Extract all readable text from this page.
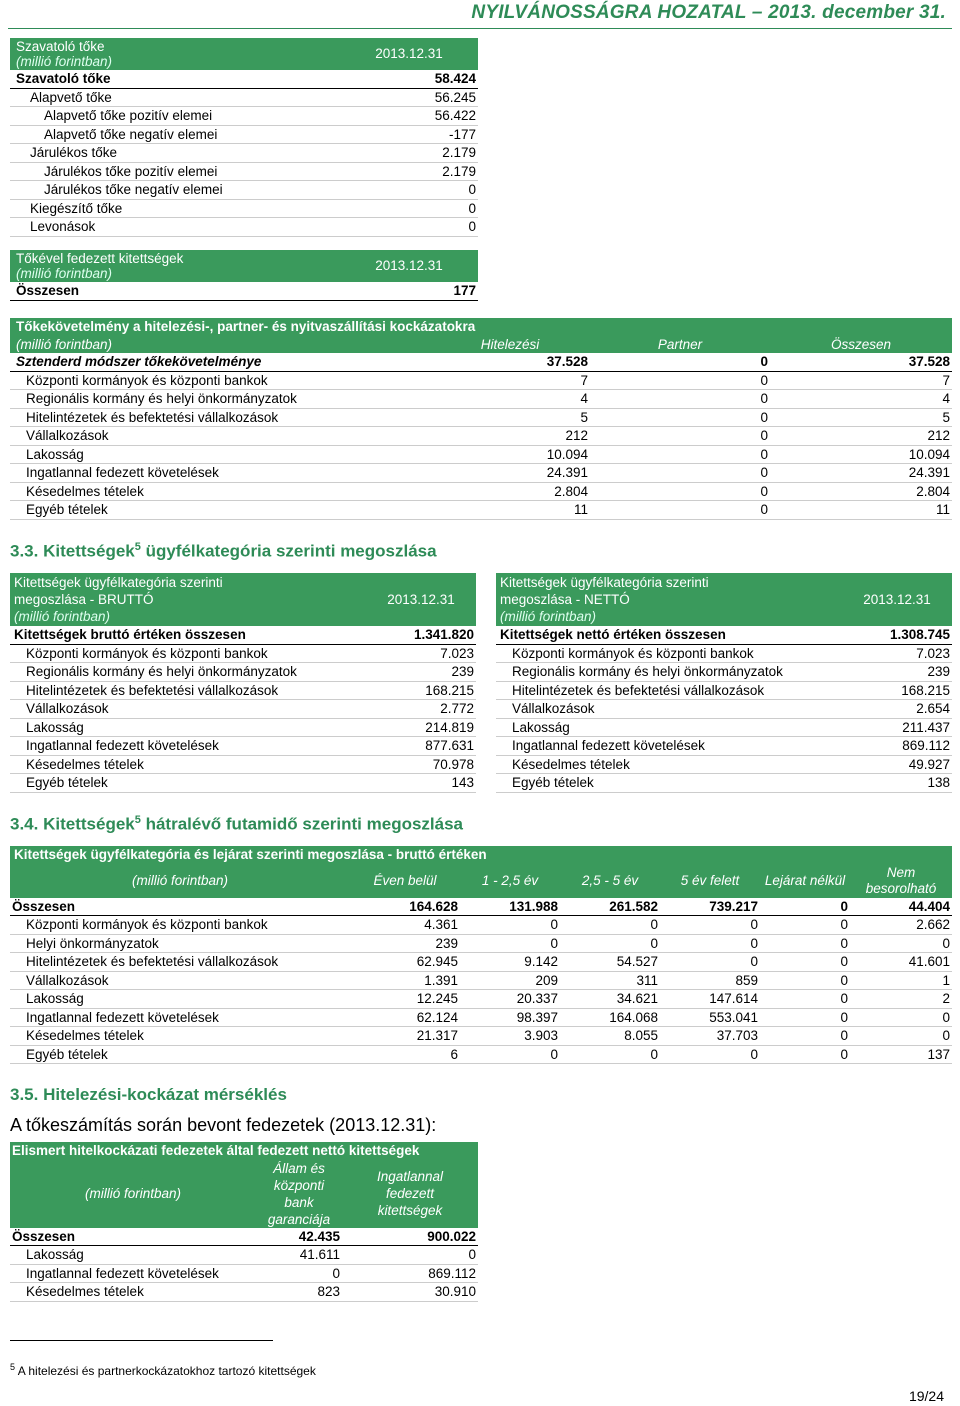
NYILVÁNOSSÁGRA HOZATAL – 2013. december 31.
Szavatoló tőke
(millió forintban)	2013.12.31
Szavatoló tőke	58.424
Alapvető tőke	56.245
Alapvető tőke pozitív elemei	56.422
Alapvető tőke negatív elemei	-177
Járulékos tőke	2.179
Járulékos tőke pozitív elemei	2.179
Járulékos tőke negatív elemei	0
Kiegészítő tőke	0
Levonások	0
Tőkével fedezett kitettségek
(millió forintban)	2013.12.31
Összesen	177
Tőkekövetelmény a hitelezési-, partner- és nyitvaszállítási kockázatokra			
(millió forintban)	Hitelezési	Partner	Összesen
Sztenderd módszer tőkekövetelménye	37.528	0	37.528
Központi kormányok és központi bankok	7	0	7
Regionális kormány és helyi önkormányzatok	4	0	4
Hitelintézetek és befektetési vállalkozások	5	0	5
Vállalkozások	212	0	212
Lakosság	10.094	0	10.094
Ingatlannal fedezett követelések	24.391	0	24.391
Késedelmes tételek	2.804	0	2.804
Egyéb tételek	11	0	11
3.3. Kitettségek$^5$ ügyfélkategória szerinti megoszlása
Kitettségek ügyfélkategória szerinti
megoszlása - BRUTTÓ
(millió forintban)	2013.12.31
Kitettségek bruttó értéken összesen	1.341.820
Központi kormányok és központi bankok	7.023
Regionális kormány és helyi önkormányzatok	239
Hitelintézetek és befektetési vállalkozások	168.215
Vállalkozások	2.772
Lakosság	214.819
Ingatlannal fedezett követelések	877.631
Késedelmes tételek	70.978
Egyéb tételek	143
Kitettségek ügyfélkategória szerinti
megoszlása - NETTÓ
(millió forintban)	2013.12.31
Kitettségek nettó értéken összesen	1.308.745
Központi kormányok és központi bankok	7.023
Regionális kormány és helyi önkormányzatok	239
Hitelintézetek és befektetési vállalkozások	168.215
Vállalkozások	2.654
Lakosság	211.437
Ingatlannal fedezett követelések	869.112
Késedelmes tételek	49.927
Egyéb tételek	138
3.4. Kitettségek$^5$ hátralévő futamidő szerinti megoszlása
Kitettségek ügyfélkategória és lejárat szerinti megoszlása - bruttó értéken						
(millió forintban)	Éven belül	1 - 2,5 év	2,5 - 5 év	5 év felett	Lejárat nélkül	Nem besorolható
Összesen	164.628	131.988	261.582	739.217	0	44.404
Központi kormányok és központi bankok	4.361	0	0	0	0	2.662
Helyi önkormányzatok	239	0	0	0	0	0
Hitelintézetek és befektetési vállalkozások	62.945	9.142	54.527	0	0	41.601
Vállalkozások	1.391	209	311	859	0	1
Lakosság	12.245	20.337	34.621	147.614	0	2
Ingatlannal fedezett követelések	62.124	98.397	164.068	553.041	0	0
Késedelmes tételek	21.317	3.903	8.055	37.703	0	0
Egyéb tételek	6	0	0	0	0	137
3.5. Hitelezési-kockázat mérséklés
A tőkeszámítás során bevont fedezetek (2013.12.31):
Elismert hitelkockázati fedezetek által fedezett nettó kitettségek		
(millió forintban)	Állam és
központi
bank
garanciája	Ingatlannal
fedezett
kitettségek
Összesen	42.435	900.022
Lakosság	41.611	0
Ingatlannal fedezett követelések	0	869.112
Késedelmes tételek	823	30.910
$^5$ A hitelezési és partnerkockázatokhoz tartozó kitettségek
19/24
